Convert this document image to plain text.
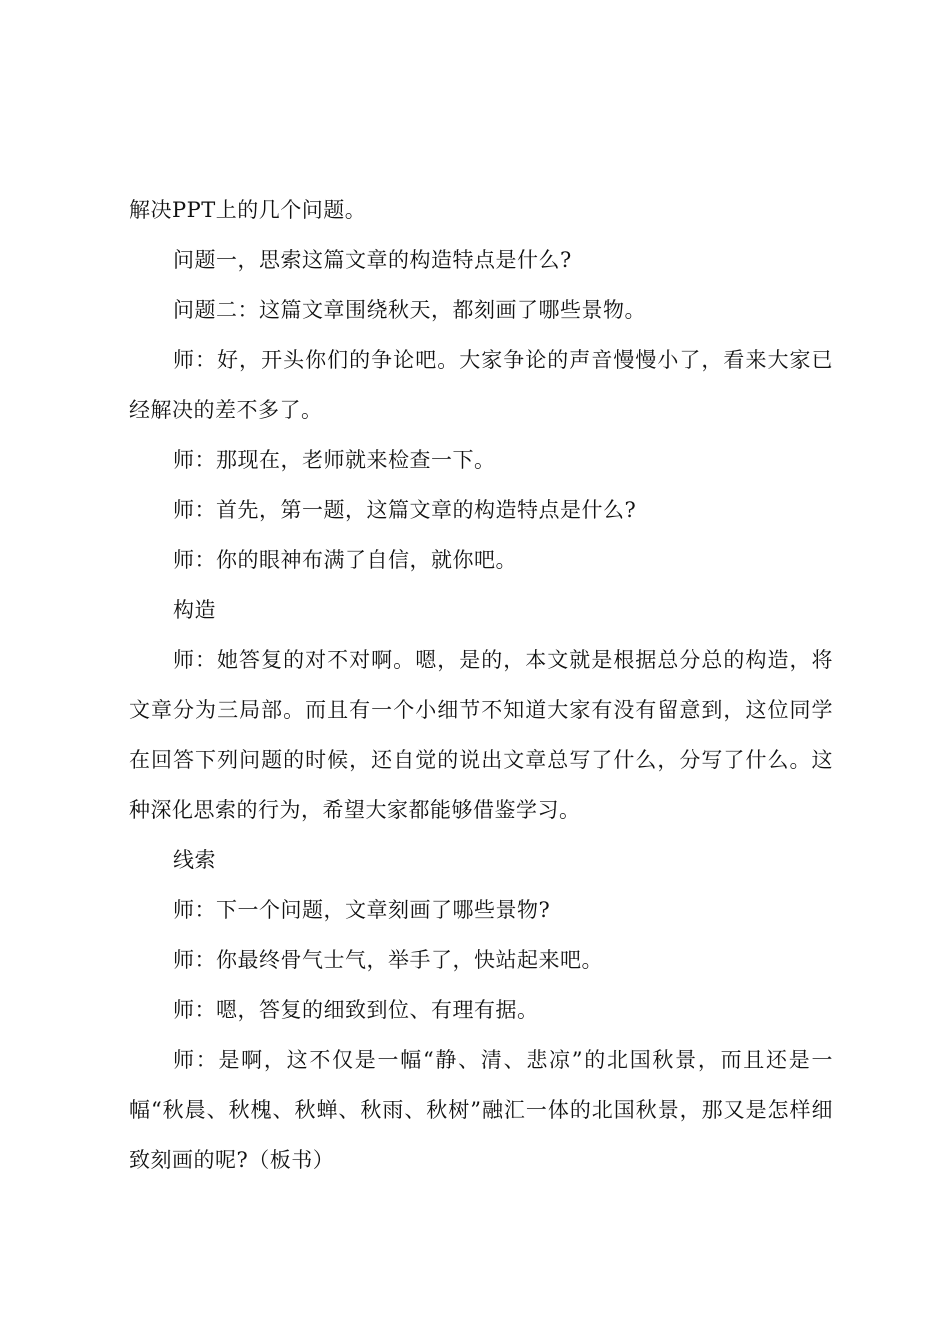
解决PPT上的几个问题。

问题一，思索这篇文章的构造特点是什么?

问题二：这篇文章围绕秋天，都刻画了哪些景物。

师：好，开头你们的争论吧。大家争论的声音慢慢小了，看来大家已经解决的差不多了。

师：那现在，老师就来检查一下。

师：首先，第一题，这篇文章的构造特点是什么?

师：你的眼神布满了自信，就你吧。

构造

师：她答复的对不对啊。嗯，是的，本文就是根据总分总的构造，将文章分为三局部。而且有一个小细节不知道大家有没有留意到，这位同学在回答下列问题的时候，还自觉的说出文章总写了什么，分写了什么。这种深化思索的行为，希望大家都能够借鉴学习。

线索

师：下一个问题，文章刻画了哪些景物?

师：你最终骨气士气，举手了，快站起来吧。

师：嗯，答复的细致到位、有理有据。

师：是啊，这不仅是一幅“静、清、悲凉”的北国秋景，而且还是一幅“秋晨、秋槐、秋蝉、秋雨、秋树”融汇一体的北国秋景，那又是怎样细致刻画的呢?（板书）
